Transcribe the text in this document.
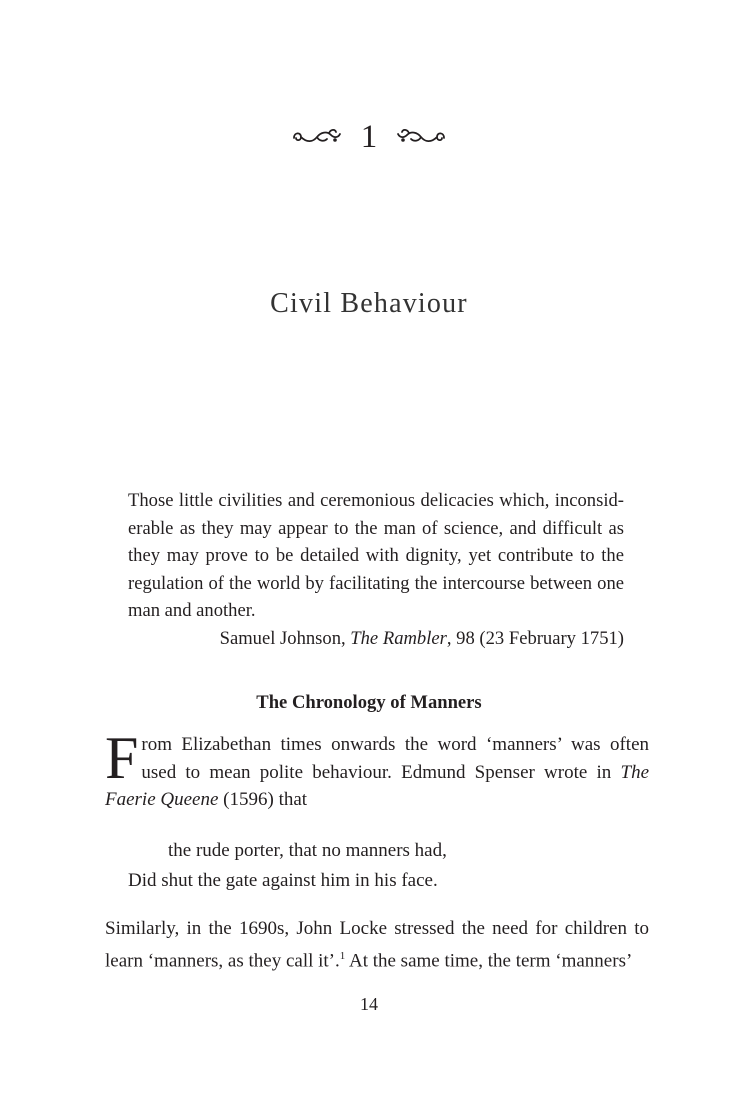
1
Civil Behaviour

Those little civilities and ceremonious delicacies which, inconsiderable as they may appear to the man of science, and difficult as they may prove to be detailed with dignity, yet contribute to the regulation of the world by facilitating the intercourse between one man and another.

Samuel Johnson, The Rambler, 98 (23 February 1751)

The Chronology of Manners

From Elizabethan times onwards the word ‘manners’ was often used to mean polite behaviour. Edmund Spenser wrote in The Faerie Queene (1596) that

the rude porter, that no manners had,

Did shut the gate against him in his face.

Similarly, in the 1690s, John Locke stressed the need for children to learn ‘manners, as they call it’.$^1$ At the same time, the term ‘manners’

14
